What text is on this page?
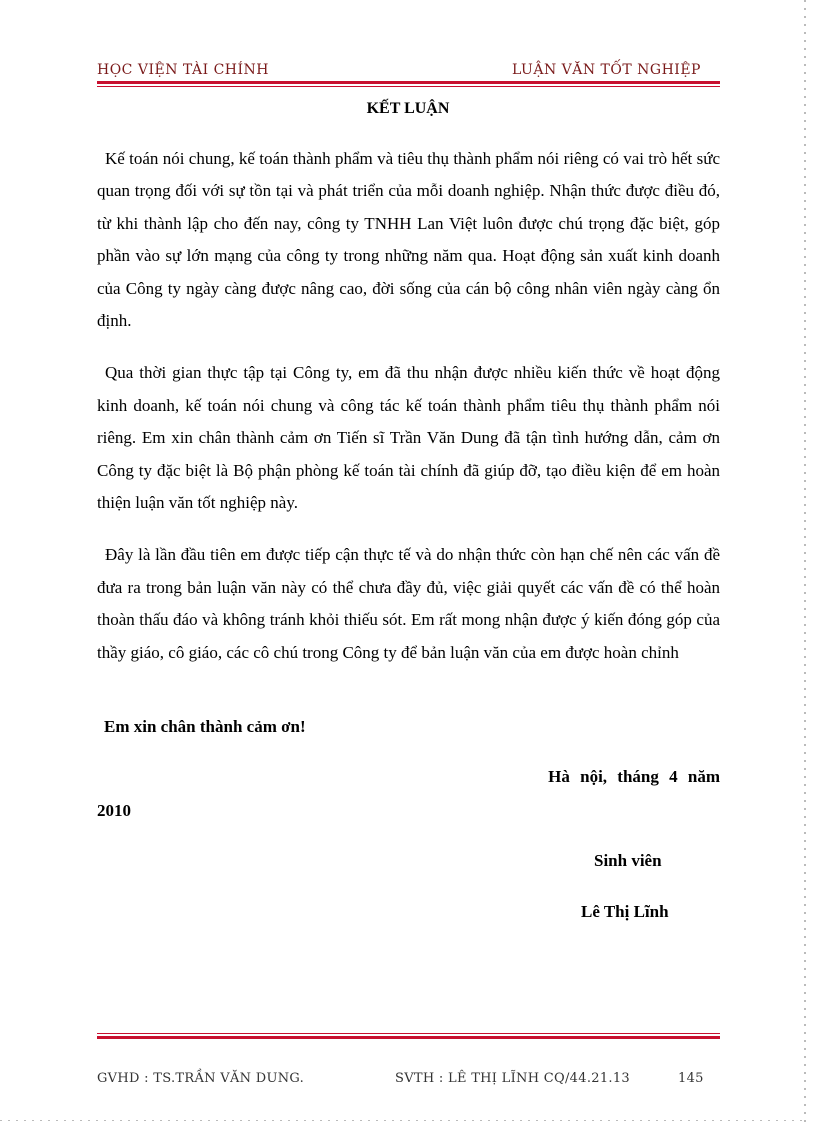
HỌC VIỆN TÀI CHÍNH	LUẬN VĂN TỐT NGHIỆP
KẾT LUẬN

Kế toán nói chung, kế toán thành phẩm và tiêu thụ thành phẩm nói riêng có vai trò hết sức quan trọng đối với sự tồn tại và phát triển của mỗi doanh nghiệp. Nhận thức được điều đó, từ khi thành lập cho đến nay, công ty TNHH Lan Việt luôn được chú trọng đặc biệt, góp phần vào sự lớn mạng của công ty trong những năm qua. Hoạt động sản xuất kinh doanh của Công ty ngày càng được nâng cao, đời sống của cán bộ công nhân viên ngày càng ổn định.

Qua thời gian thực tập tại Công ty, em đã thu nhận được nhiều kiến thức về hoạt động kinh doanh, kế toán nói chung và công tác kế toán thành phẩm tiêu thụ thành phẩm nói riêng. Em xin chân thành cảm ơn Tiến sĩ Trần Văn Dung đã tận tình hướng dẫn, cảm ơn Công ty đặc biệt là Bộ phận phòng kế toán tài chính đã giúp đỡ, tạo điều kiện để em hoàn thiện luận văn tốt nghiệp này.

Đây là lần đầu tiên em được tiếp cận thực tế và do nhận thức còn hạn chế nên các vấn đề đưa ra trong bản luận văn này có thể chưa đầy đủ, việc giải quyết các vấn đề có thể hoàn thoàn thấu đáo và không tránh khỏi thiếu sót. Em rất mong nhận được ý kiến đóng góp của thầy giáo, cô giáo, các cô chú trong Công ty để bản luận văn của em được hoàn chỉnh

Em xin chân thành cảm ơn!
Hà nội, tháng 4 năm
2010
Sinh viên
Lê Thị Lĩnh
GVHD : TS.TRẦN VĂN DUNG.	SVTH : LÊ THỊ LĨNH CQ/44.21.13	145
